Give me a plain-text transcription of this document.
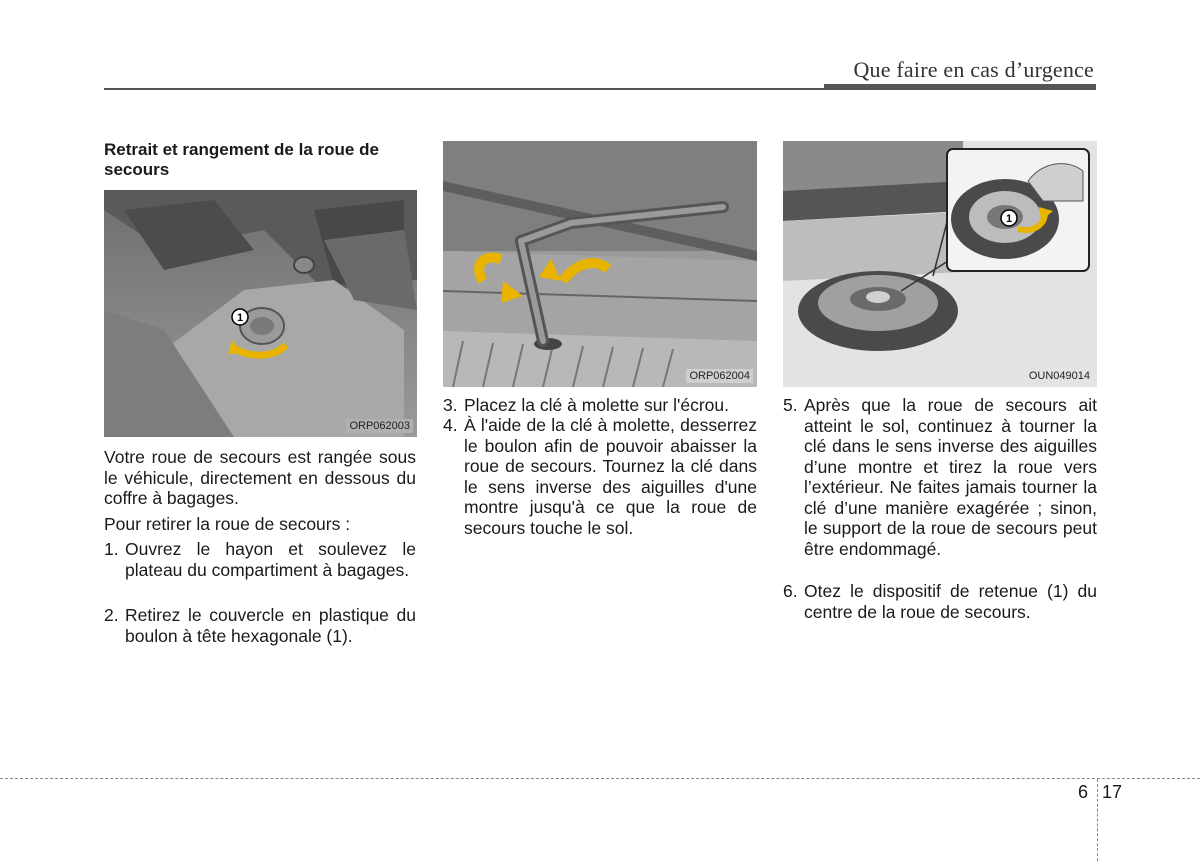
Que faire en cas d’urgence
Retrait et rangement de la roue de secours
1
ORP062003
Votre roue de secours est rangée sous le véhicule, directement en dessous du coffre à bagages.
Pour retirer la roue de secours :
1. Ouvrez le hayon et soulevez le plateau du compartiment à bagages.
2. Retirez le couvercle en plastique du boulon à tête hexagonale (1).
ORP062004
3. Placez la clé à molette sur l'écrou.
4. À l'aide de la clé à molette, desserrez le boulon afin de pouvoir abaisser la roue de secours. Tournez la clé dans le sens inverse des aiguilles d'une montre jusqu'à ce que la roue de secours touche le sol.
1
OUN049014
5. Après que la roue de secours ait atteint le sol, continuez à tourner la clé dans le sens inverse des aiguilles d’une montre et tirez la roue vers l’extérieur. Ne faites jamais tourner la clé d’une manière exagérée ; sinon, le support de la roue de secours peut être endommagé.
6. Otez le dispositif de retenue (1) du centre de la roue de secours.
6 17
